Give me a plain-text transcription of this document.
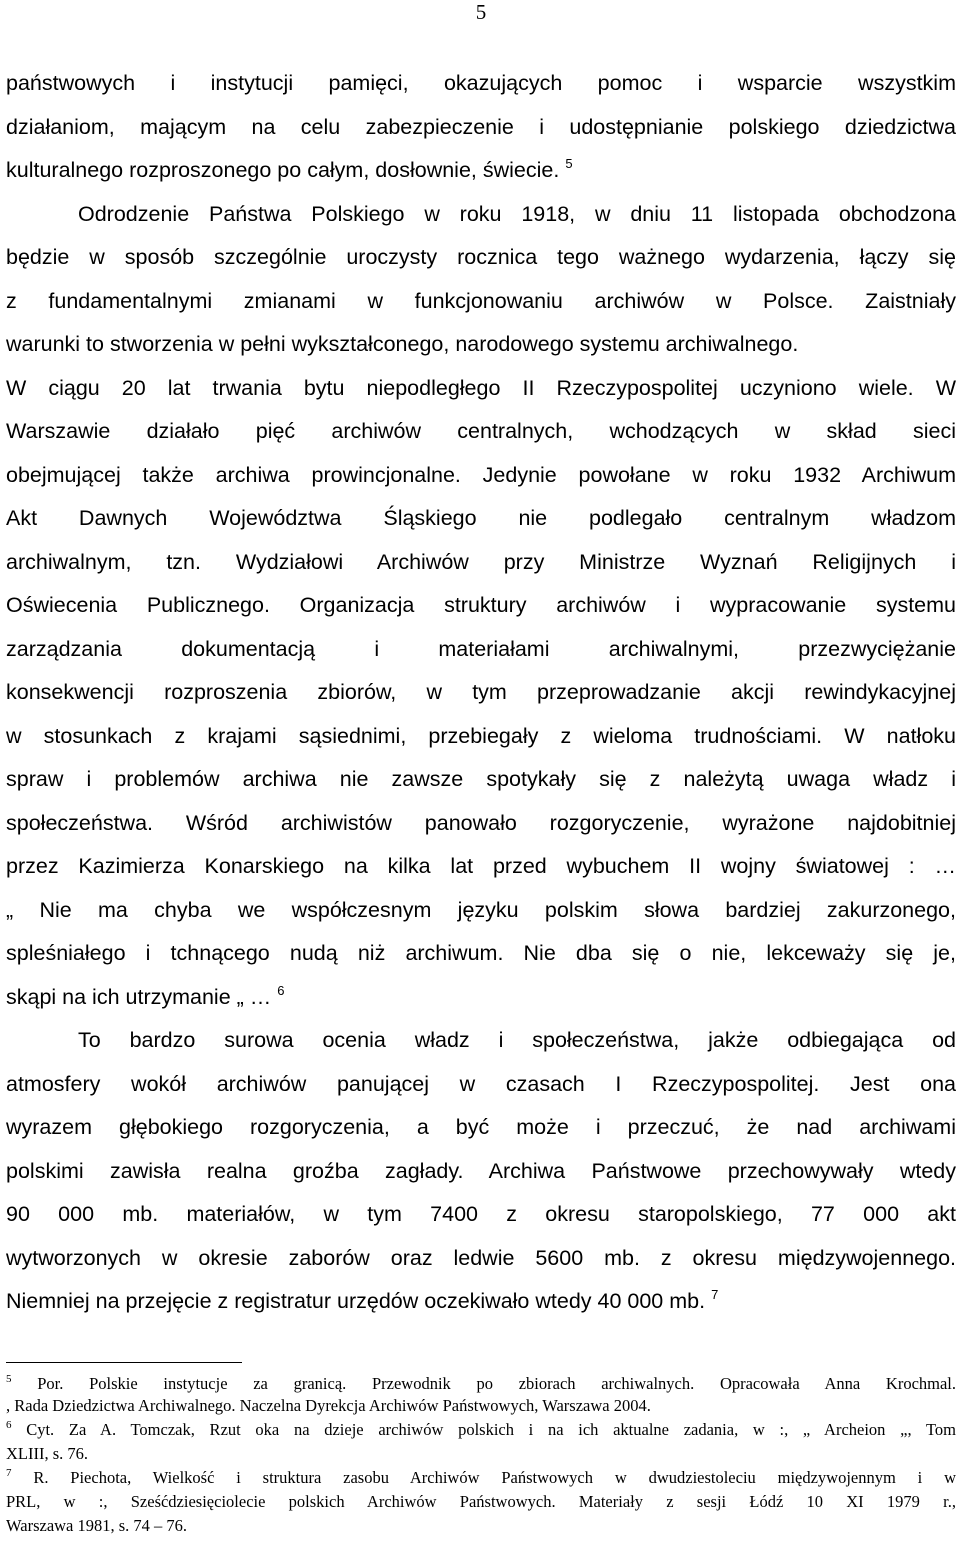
5
państwowych i instytucji pamięci, okazujących pomoc i wsparcie wszystkim
działaniom, mającym na celu zabezpieczenie i udostępnianie polskiego dziedzictwa
kulturalnego rozproszonego po całym, dosłownie, świecie. $^5$
Odrodzenie Państwa Polskiego w roku 1918, w dniu 11 listopada obchodzona
będzie w sposób szczególnie uroczysty rocznica tego ważnego wydarzenia, łączy się
z fundamentalnymi zmianami w funkcjonowaniu archiwów w Polsce. Zaistniały
warunki to stworzenia w pełni wykształconego, narodowego systemu archiwalnego.
W ciągu 20 lat trwania bytu niepodległego II Rzeczypospolitej uczyniono wiele. W
Warszawie działało pięć archiwów centralnych, wchodzących w skład sieci
obejmującej także archiwa prowincjonalne. Jedynie powołane w roku 1932 Archiwum
Akt Dawnych Województwa Śląskiego nie podlegało centralnym władzom
archiwalnym, tzn. Wydziałowi Archiwów przy Ministrze Wyznań Religijnych i
Oświecenia Publicznego. Organizacja struktury archiwów i wypracowanie systemu
zarządzania dokumentacją i materiałami archiwalnymi, przezwyciężanie
konsekwencji rozproszenia zbiorów, w tym przeprowadzanie akcji rewindykacyjnej
w stosunkach z krajami sąsiednimi, przebiegały z wieloma trudnościami. W natłoku
spraw i problemów archiwa nie zawsze spotykały się z należytą uwaga władz i
społeczeństwa. Wśród archiwistów panowało rozgoryczenie, wyrażone najdobitniej
przez Kazimierza Konarskiego na kilka lat przed wybuchem II wojny światowej : …
„ Nie ma chyba we współczesnym języku polskim słowa bardziej zakurzonego,
spleśniałego i tchnącego nudą niż archiwum. Nie dba się o nie, lekceważy się je,
skąpi na ich utrzymanie „ … $^6$
To bardzo surowa ocenia władz i społeczeństwa, jakże odbiegająca od
atmosfery wokół archiwów panującej w czasach I Rzeczypospolitej. Jest ona
wyrazem głębokiego rozgoryczenia, a być może i przeczuć, że nad archiwami
polskimi zawisła realna groźba zagłady. Archiwa Państwowe przechowywały wtedy
90 000 mb. materiałów, w tym 7400 z okresu staropolskiego, 77 000 akt
wytworzonych w okresie zaborów oraz ledwie 5600 mb. z okresu międzywojennego.
Niemniej na przejęcie z registratur urzędów oczekiwało wtedy 40 000 mb. $^7$
$^5$ Por. Polskie instytucje za granicą. Przewodnik po zbiorach archiwalnych. Opracowała Anna Krochmal.
, Rada Dziedzictwa Archiwalnego. Naczelna Dyrekcja Archiwów Państwowych, Warszawa 2004.
$^6$ Cyt. Za A. Tomczak, Rzut oka na dzieje archiwów polskich i na ich aktualne zadania, w :, „ Archeion „, Tom
XLIII, s. 76.
$^7$ R. Piechota, Wielkość i struktura zasobu Archiwów Państwowych w dwudziestoleciu międzywojennym i w
PRL, w :, Sześćdziesięciolecie polskich Archiwów Państwowych. Materiały z sesji Łódź 10 XI 1979 r.,
Warszawa 1981, s. 74 – 76.
